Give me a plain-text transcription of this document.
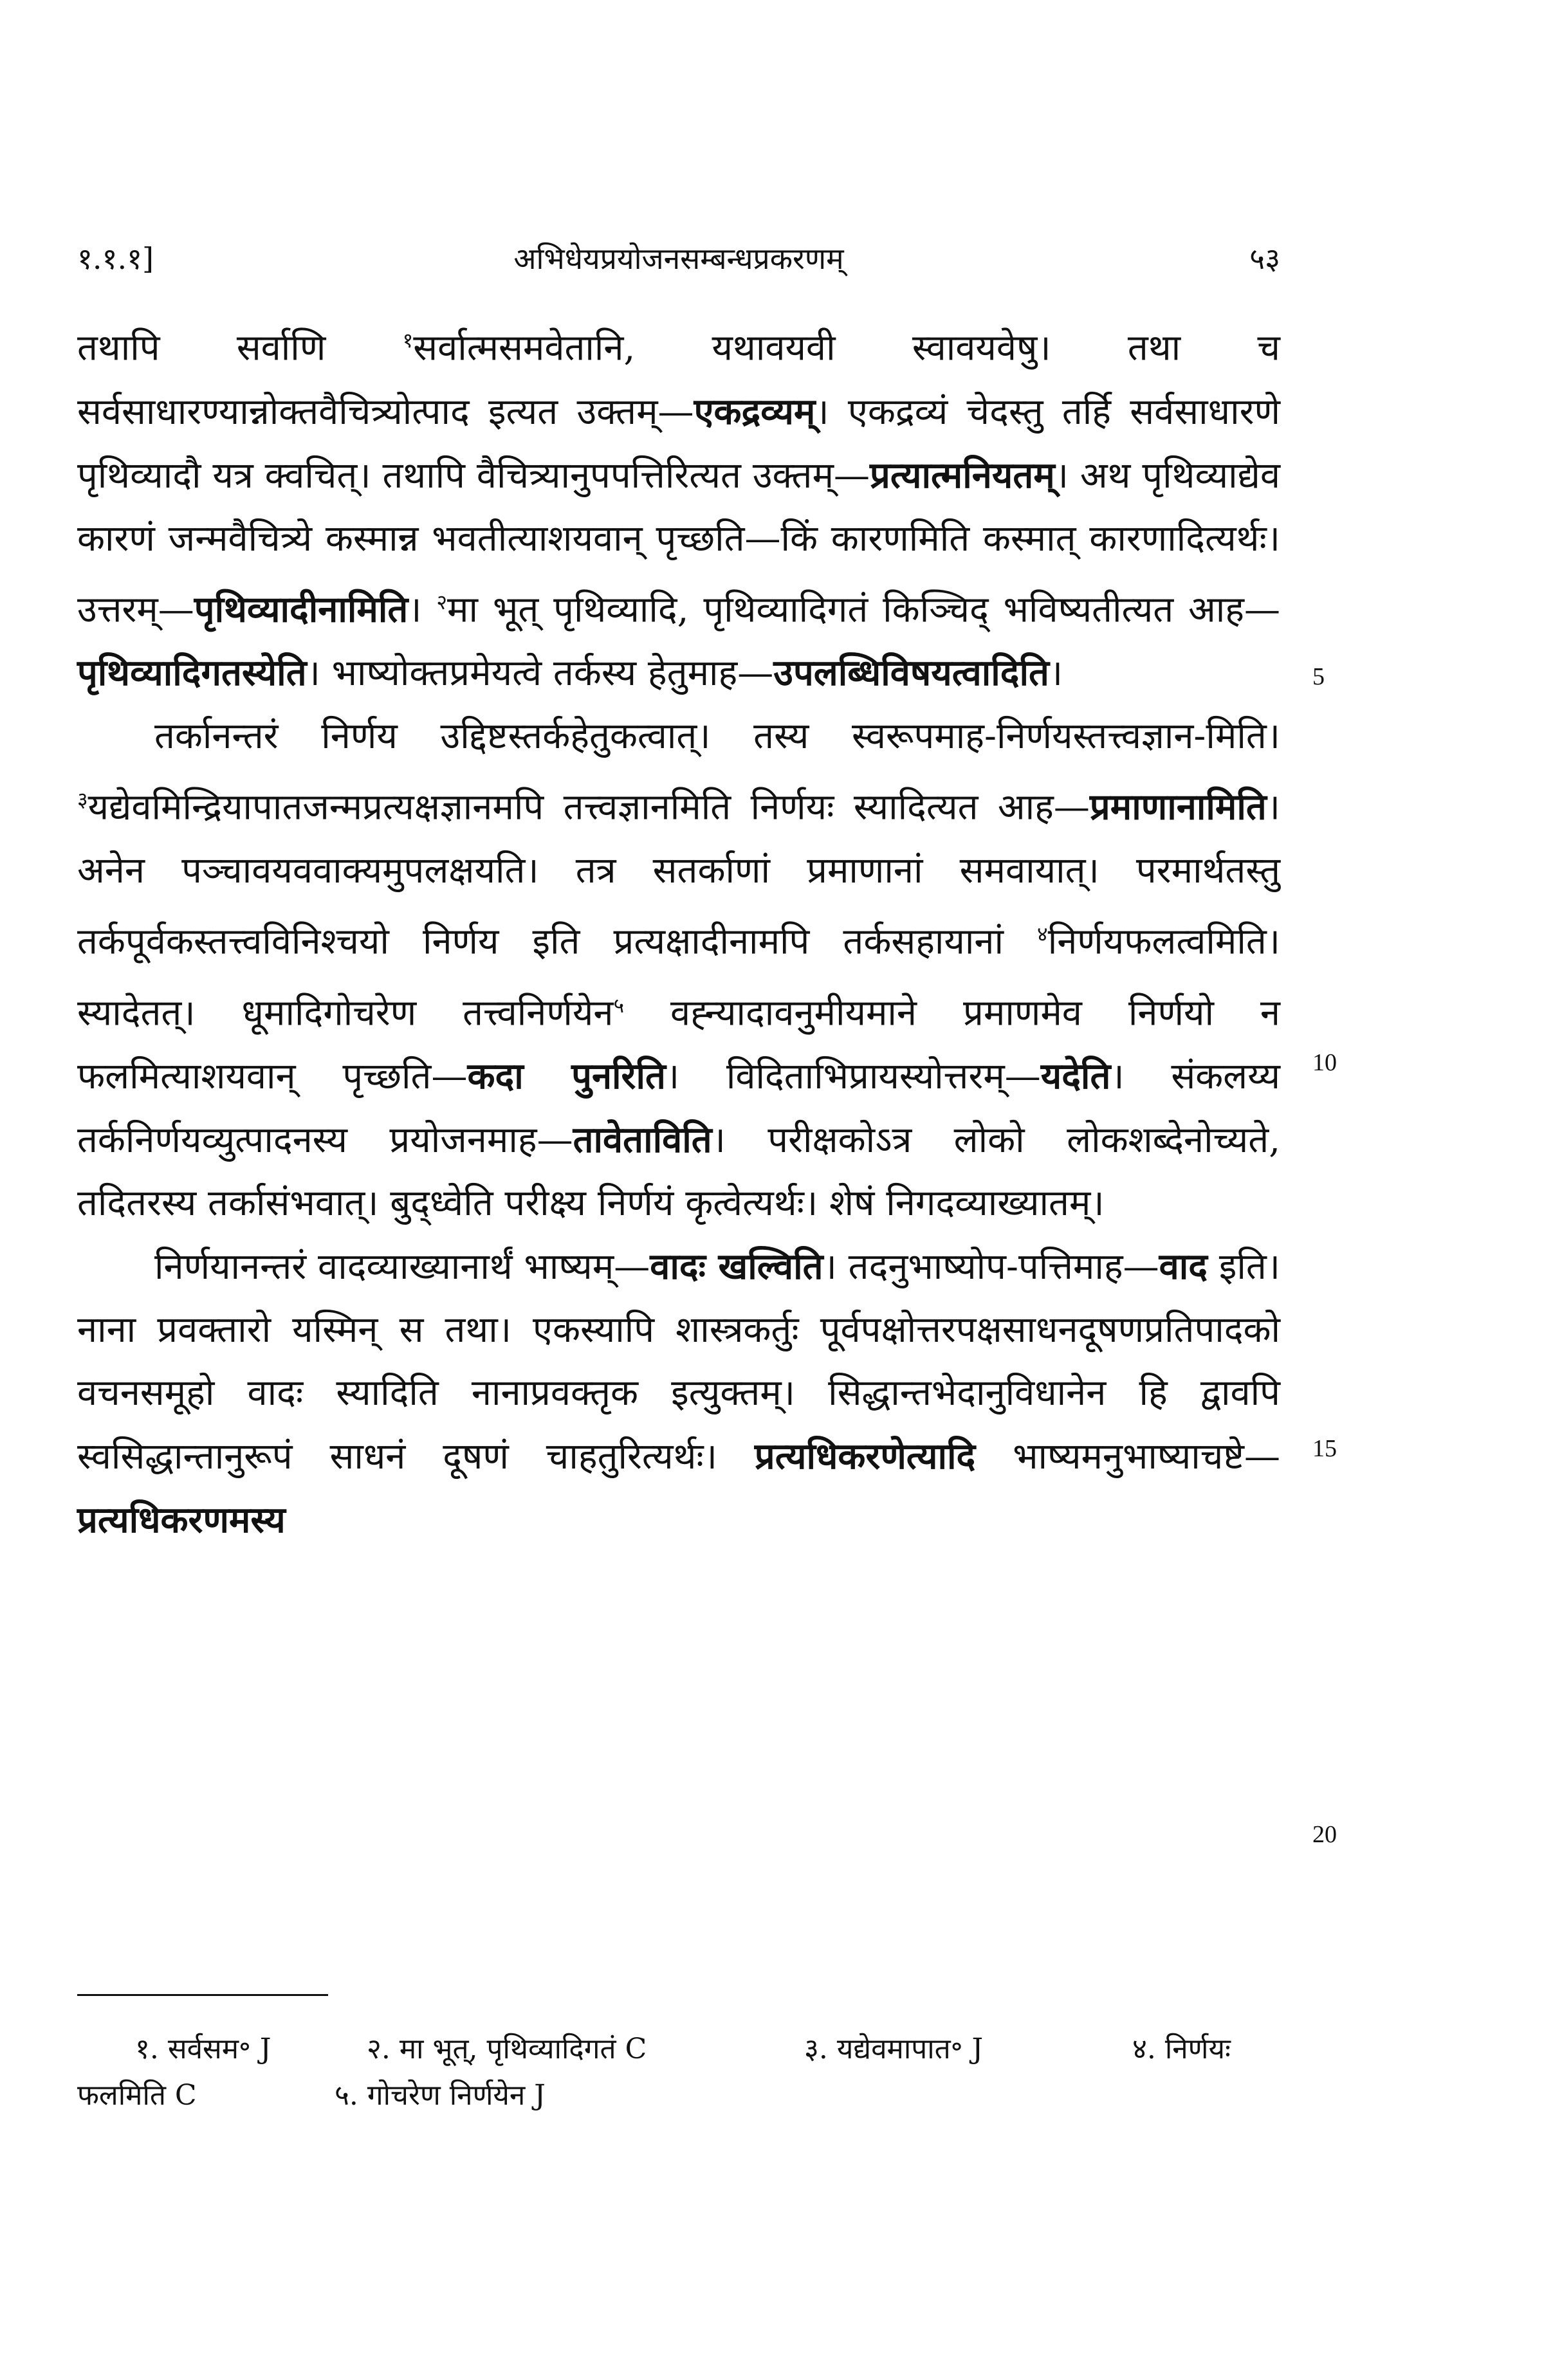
१.१.१]	अभिधेयप्रयोजनसम्बन्धप्रकरणम्	५३

तथापि सर्वाणि $^१$सर्वात्मसमवेतानि, यथावयवी स्वावयवेषु। तथा च सर्वसाधारण्यान्नोक्तवैचित्र्योत्पाद इत्यत उक्तम्—एकद्रव्यम्। एकद्रव्यं चेदस्तु तर्हि सर्वसाधारणे पृथिव्यादौ यत्र क्वचित्। तथापि वैचित्र्यानुपपत्तिरित्यत उक्तम्—प्रत्यात्मनियतम्। अथ पृथिव्याद्येव कारणं जन्मवैचित्र्ये कस्मान्न भवतीत्याशयवान् पृच्छति—किं कारणमिति कस्मात् कारणादित्यर्थः। उत्तरम्—पृथिव्यादीनामिति। $^२$मा भूत् पृथिव्यादि, पृथिव्यादिगतं किञ्चिद् भविष्यतीत्यत आह—पृथिव्यादिगतस्येति। भाष्योक्तप्रमेयत्वे तर्कस्य हेतुमाह—उपलब्धिविषयत्वादिति।

तर्कानन्तरं निर्णय उद्दिष्टस्तर्कहेतुकत्वात्। तस्य स्वरूपमाह-निर्णयस्तत्त्वज्ञान-मिति। $^३$यद्येवमिन्द्रियापातजन्मप्रत्यक्षज्ञानमपि तत्त्वज्ञानमिति निर्णयः स्यादित्यत आह—प्रमाणानामिति। अनेन पञ्चावयववाक्यमुपलक्षयति। तत्र सतर्काणां प्रमाणानां समवायात्। परमार्थतस्तु तर्कपूर्वकस्तत्त्वविनिश्चयो निर्णय इति प्रत्यक्षादीनामपि तर्कसहायानां $^४$निर्णयफलत्वमिति। स्यादेतत्। धूमादिगोचरेण तत्त्वनिर्णयेन$^५$ वह्न्यादावनुमीयमाने प्रमाणमेव निर्णयो न फलमित्याशयवान् पृच्छति—कदा पुनरिति। विदिताभिप्रायस्योत्तरम्—यदेति। संकलय्य तर्कनिर्णयव्युत्पादनस्य प्रयोजनमाह—तावेताविति। परीक्षकोऽत्र लोको लोकशब्देनोच्यते, तदितरस्य तर्कासंभवात्। बुद्ध्वेति परीक्ष्य निर्णयं कृत्वेत्यर्थः। शेषं निगदव्याख्यातम्।

निर्णयानन्तरं वादव्याख्यानार्थं भाष्यम्—वादः खल्विति। तदनुभाष्योप-पत्तिमाह—वाद इति। नाना प्रवक्तारो यस्मिन् स तथा। एकस्यापि शास्त्रकर्तुः पूर्वपक्षोत्तरपक्षसाधनदूषणप्रतिपादको वचनसमूहो वादः स्यादिति नानाप्रवक्तृक इत्युक्तम्। सिद्धान्तभेदानुविधानेन हि द्वावपि स्वसिद्धान्तानुरूपं साधनं दूषणं चाहतुरित्यर्थः। प्रत्यधिकरणेत्यादि भाष्यमनुभाष्याचष्टे—प्रत्यधिकरणमस्य

5
10
15
20
१. सर्वसम॰ J	२. मा भूत्, पृथिव्यादिगतं C	३. यद्येवमापात॰ J	४. निर्णयः
फलमिति C	५. गोचरेण निर्णयेन J
